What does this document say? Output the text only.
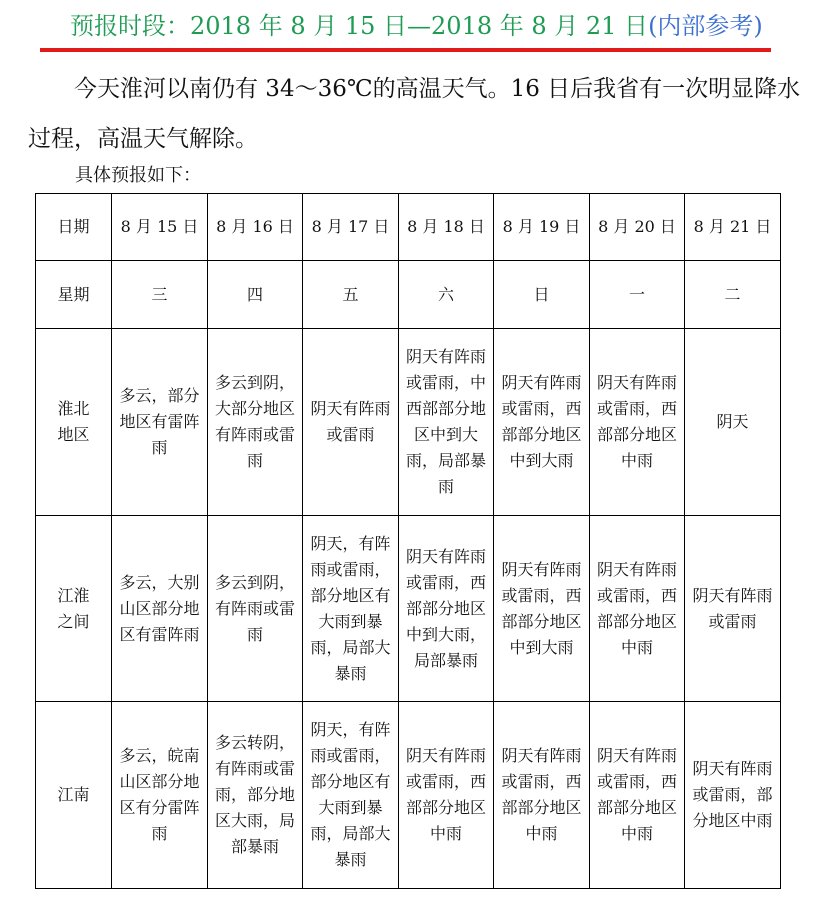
预报时段：2018 年 8 月 15 日—2018 年 8 月 21 日(内部参考)

今天淮河以南仍有 34～36℃的高温天气。16 日后我省有一次明显降水过程，高温天气解除。

具体预报如下：
日期	8 月 15 日	8 月 16 日	8 月 17 日	8 月 18 日	8 月 19 日	8 月 20 日	8 月 21 日
星期	三	四	五	六	日	一	二

淮北地区	多云，部分地区有雷阵雨	多云到阴，大部分地区有阵雨或雷雨	阴天有阵雨或雷雨	阴天有阵雨或雷雨，中西部部分地区中到大雨，局部暴雨	阴天有阵雨或雷雨，西部部分地区中到大雨	阴天有阵雨或雷雨，西部部分地区中雨	阴天

江淮之间	多云，大别山区部分地区有雷阵雨	多云到阴，有阵雨或雷雨	阴天，有阵雨或雷雨，部分地区有大雨到暴雨，局部大暴雨	阴天有阵雨或雷雨，西部部分地区中到大雨，局部暴雨	阴天有阵雨或雷雨，西部部分地区中到大雨	阴天有阵雨或雷雨，西部部分地区中雨	阴天有阵雨或雷雨

江南	多云，皖南山区部分地区有分雷阵雨	多云转阴，有阵雨或雷雨，部分地区大雨，局部暴雨	阴天，有阵雨或雷雨，部分地区有大雨到暴雨，局部大暴雨	阴天有阵雨或雷雨，西部部分地区中雨	阴天有阵雨或雷雨，西部部分地区中雨	阴天有阵雨或雷雨，西部部分地区中雨	阴天有阵雨或雷雨，部分地区中雨
